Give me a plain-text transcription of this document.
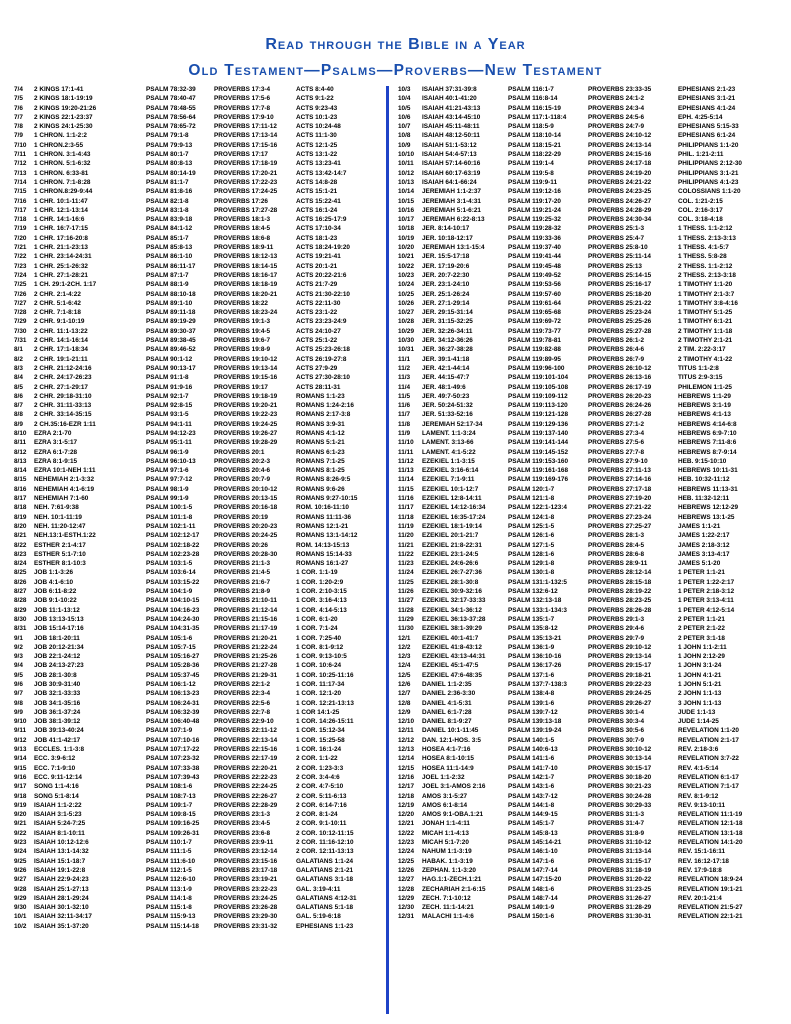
Read through the Bible in a Year
Old Testament—Psalms—Proverbs—New Testament
7/4	2 KINGS 17:1-41	PSALM 78:32-39	PROVERBS 17:3-4	ACTS 8:4-40
7/5	2 KINGS 18:1-19:19	PSALM 78:40-47	PROVERBS 17:5-6	ACTS 9:1-22
7/6	2 KINGS 19:20-21:26	PSALM 78:48-55	PROVERBS 17:7-8	ACTS 9:23-43
7/7	2 KINGS 22:1-23:37	PSALM 78:56-64	PROVERBS 17:9-10	ACTS 10:1-23
7/8	2 KINGS 24:1-25:30	PSALM 78:65-72	PROVERBS 17:11-12	ACTS 10:24-48
7/9	1 CHRON. 1:1-2:2	PSALM 79:1-8	PROVERBS 17:13-14	ACTS 11:1-30
7/10	1 CHRON.2:3-55	PSALM 79:9-13	PROVERBS 17:15-16	ACTS 12:1-25
7/11	1 CHRON. 3:1-4:43	PSALM 80:1-7	PROVERBS 17:17	ACTS 13:1-22
7/12	1 CHRON. 5:1-6:32	PSALM 80:8-13	PROVERBS 17:18-19	ACTS 13:23-41
7/13	1 CHRON. 6:33-81	PSALM 80:14-19	PROVERBS 17:20-21	ACTS 13:42-14:7
7/14	1 CHRON. 7:1-8:28	PSALM 81:1-7	PROVERBS 17:22-23	ACTS 14:8-28
7/15	1 CHRON.8:29-9:44	PSALM 81:8-16	PROVERBS 17:24-25	ACTS 15:1-21
7/16	1 CHR. 10:1-11:47	PSALM 82:1-8	PROVERBS 17:26	ACTS 15:22-41
7/17	1 CHR. 12:1-13:14	PSALM 83:1-8	PROVERBS 17:27-28	ACTS 16:1-24
7/18	1 CHR. 14:1-16:6	PSALM 83:9-18	PROVERBS 18:1-3	ACTS 16:25-17:9
7/19	1 CHR. 16:7-17:15	PSALM 84:1-12	PROVERBS 18:4-5	ACTS 17:10-34
7/20	1 CHR. 17:16-20:8	PSALM 85:1-7	PROVERBS 18:6-8	ACTS 18:1-23
7/21	1 CHR. 21:1-23:13	PSALM 85:8-13	PROVERBS 18:9-11	ACTS 18:24-19:20
7/22	1 CHR. 23:14-24:31	PSALM 86:1-10	PROVERBS 18:12-13	ACTS 19:21-41
7/23	1 CHR. 25:1-26:32	PSALM 86:11-17	PROVERBS 18:14-15	ACTS 20:1-21
7/24	1 CHR. 27:1-28:21	PSALM 87:1-7	PROVERBS 18:16-17	ACTS 20:22-21:6
7/25	1 CH. 29:1-2CH. 1:17	PSALM 88:1-9	PROVERBS 18:18-19	ACTS 21:7-29
7/26	2 CHR. 2:1-4:22	PSALM 88:10-18	PROVERBS 18:20-21	ACTS 21:30-22:10
7/27	2 CHR. 5:1-6:42	PSALM 89:1-10	PROVERBS 18:22	ACTS 22:11-30
7/28	2 CHR. 7:1-8:18	PSALM 89:11-18	PROVERBS 18:23-24	ACTS 23:1-22
7/29	2 CHR. 9:1-10:19	PSALM 89:19-29	PROVERBS 19:1-3	ACTS 23:23-24:9
7/30	2 CHR. 11:1-13:22	PSALM 89:30-37	PROVERBS 19:4-5	ACTS 24:10-27
7/31	2 CHR. 14:1-16:14	PSALM 89:38-45	PROVERBS 19:6-7	ACTS 25:1-22
8/1	2 CHR. 17:1-18:34	PSALM 89:46-52	PROVERBS 19:8-9	ACTS 25:23-26:18
8/2	2 CHR. 19:1-21:11	PSALM 90:1-12	PROVERBS 19:10-12	ACTS 26:19-27:8
8/3	2 CHR. 21:12-24:16	PSALM 90:13-17	PROVERBS 19:13-14	ACTS 27:9-29
8/4	2 CHR. 24:17-26:23	PSALM 91:1-8	PROVERBS 19:15-16	ACTS 27:30-28:10
8/5	2 CHR. 27:1-29:17	PSALM 91:9-16	PROVERBS 19:17	ACTS 28:11-31
8/6	2 CHR. 29:18-31:10	PSALM 92:1-7	PROVERBS 19:18-19	ROMANS 1:1-23
8/7	2 CHR. 31:11-33:13	PSALM 92:8-15	PROVERBS 19:20-21	ROMANS 1:24-2:16
8/8	2 CHR. 33:14-35:15	PSALM 93:1-5	PROVERBS 19:22-23	ROMANS 2:17-3:8
8/9	2 CH.35:16-EZR 1:11	PSALM 94:1-11	PROVERBS 19:24-25	ROMANS 3:9-31
8/10	EZRA 2:1-70	PSALM 94:12-23	PROVERBS 19:26-27	ROMANS 4:1-12
8/11	EZRA 3:1-5:17	PSALM 95:1-11	PROVERBS 19:28-29	ROMANS 5:1-21
8/12	EZRA 6:1-7:28	PSALM 96:1-9	PROVERBS 20:1	ROMANS 6:1-23
8/13	EZRA 8:1-9:15	PSALM 96:10-13	PROVERBS 20:2-3	ROMANS 7:1-25
8/14	EZRA 10:1-NEH 1:11	PSALM 97:1-6	PROVERBS 20:4-6	ROMANS 8:1-25
8/15	NEHEMIAH 2:1-3:32	PSALM 97:7-12	PROVERBS 20:7-9	ROMANS 8:26-9:5
8/16	NEHEMIAH 4:1-6:19	PSALM 98:1-9	PROVERBS 20:10-12	ROMANS 9:6-26
8/17	NEHEMIAH 7:1-60	PSALM 99:1-9	PROVERBS 20:13-15	ROMANS 9:27-10:15
8/18	NEH. 7:61-9:38	PSALM 100:1-5	PROVERBS 20:16-18	ROM. 10:16-11:10
8/19	NEH. 10:1-11:19	PSALM 101:1-8	PROVERBS 20:19	ROMANS 11:11-36
8/20	NEH. 11:20-12:47	PSALM 102:1-11	PROVERBS 20:20-23	ROMANS 12:1-21
8/21	NEH.13:1-ESTH.1:22	PSALM 102:12-17	PROVERBS 20:24-25	ROMANS 13:1-14:12
8/22	ESTHER 2:1-4:17	PSALM 102:18-22	PROVERBS 20:26	ROM. 14:13-15:13
8/23	ESTHER 5:1-7:10	PSALM 102:23-28	PROVERBS 20:28-30	ROMANS 15:14-33
8/24	ESTHER 8:1-10:3	PSALM 103:1-5	PROVERBS 21:1-3	ROMANS 16:1-27
8/25	JOB 1:1-3:26	PSALM 103:6-14	PROVERBS 21:4-5	1 COR. 1:1-19
8/26	JOB 4:1-6:10	PSALM 103:15-22	PROVERBS 21:6-7	1 COR. 1:20-2:9
8/27	JOB 6:11-8:22	PSALM 104:1-9	PROVERBS 21:8-9	1 COR. 2:10-3:15
8/28	JOB 9:1-10:22	PSALM 104:10-15	PROVERBS 21:10-11	1 COR. 3:16-4:13
8/29	JOB 11:1-13:12	PSALM 104:16-23	PROVERBS 21:12-14	1 COR. 4:14-5:13
8/30	JOB 13:13-15:13	PSALM 104:24-30	PROVERBS 21:15-16	1 COR. 6:1-20
8/31	JOB 15:14-17:16	PSALM 104:31-35	PROVERBS 21:17-19	1 COR. 7:1-24
9/1	JOB 18:1-20:11	PSALM 105:1-6	PROVERBS 21:20-21	1 COR. 7:25-40
9/2	JOB 20:12-21:34	PSALM 105:7-15	PROVERBS 21:22-24	1 COR. 8:1-9:12
9/3	JOB 22:1-24:12	PSALM 105:16-27	PROVERBS 21:25-26	1 COR. 9:13-10:5
9/4	JOB 24:13-27:23	PSALM 105:28-36	PROVERBS 21:27-28	1 COR. 10:6-24
9/5	JOB 28:1-30:8	PSALM 105:37-45	PROVERBS 21:29-31	1 COR. 10:25-11:16
9/6	JOB 30:9-31:40	PSALM 106:1-12	PROVERBS 22:1-2	1 COR. 11:17-34
9/7	JOB 32:1-33:33	PSALM 106:13-23	PROVERBS 22:3-4	1 COR. 12:1-20
9/8	JOB 34:1-35:16	PSALM 106:24-31	PROVERBS 22:5-6	1 COR. 12:21-13:13
9/9	JOB 36:1-37:24	PSALM 106:32-39	PROVERBS 22:7-8	1 COR 14:1-25
9/10	JOB 38:1-39:12	PSALM 106:40-48	PROVERBS 22:9-10	1 COR. 14:26-15:11
9/11	JOB 39:13-40:24	PSALM 107:1-9	PROVERBS 22:11-12	1 COR. 15:12-34
9/12	JOB 41:1-42:17	PSALM 107:10-16	PROVERBS 22:13-14	1 COR. 15:25-58
9/13	ECCLES. 1:1-3:8	PSALM 107:17-22	PROVERBS 22:15-16	1 COR. 16:1-24
9/14	ECC. 3:9-6:12	PSALM 107:23-32	PROVERBS 22:17-19	2 COR. 1:1-22
9/15	ECC. 7:1-9:10	PSALM 107:33-38	PROVERBS 22:20-21	2 COR. 1:23-3:3
9/16	ECC. 9:11-12:14	PSALM 107:39-43	PROVERBS 22:22-23	2 COR. 3:4-4:6
9/17	SONG 1:1-4:16	PSALM 108:1-6	PROVERBS 22:24-25	2 COR. 4:7-5:10
9/18	SONG 5:1-8:14	PSALM 108:7-13	PROVERBS 22:26-27	2 COR. 5:11-6:13
9/19	ISAIAH 1:1-2:22	PSALM 109:1-7	PROVERBS 22:28-29	2 COR. 6:14-7:16
9/20	ISAIAH 3:1-5:23	PSALM 109:8-15	PROVERBS 23:1-3	2 COR. 8:1-24
9/21	ISAIAH 5:24-7:25	PSALM 109:16-25	PROVERBS 23:4-5	2 COR. 9:1-10:11
9/22	ISAIAH 8:1-10:11	PSALM 109:26-31	PROVERBS 23:6-8	2 COR. 10:12-11:15
9/23	ISAIAH 10:12-12:6	PSALM 110:1-7	PROVERBS 23:9-11	2 COR. 11:16-12:10
9/24	ISAIAH 13:1-14:32	PSALM 111:1-5	PROVERBS 23:12-14	2 COR. 12:11-13:13
9/25	ISAIAH 15:1-18:7	PSALM 111:6-10	PROVERBS 23:15-16	GALATIANS 1:1-24
9/26	ISAIAH 19:1-22:8	PSALM 112:1-5	PROVERBS 23:17-18	GALATIANS 2:1-21
9/27	ISAIAH 22:9-24:23	PSALM 112:6-10	PROVERBS 23:19-21	GALATIANS 3:1-18
9/28	ISAIAH 25:1-27:13	PSALM 113:1-9	PROVERBS 23:22-23	GAL. 3:19-4:11
9/29	ISAIAH 28:1-29:24	PSALM 114:1-8	PROVERBS 23:24-25	GALATIANS 4:12-31
9/30	ISAIAH 30:1-32:10	PSALM 115:1-8	PROVERBS 23:26-28	GALATIANS 5:1-18
10/1	ISAIAH 32:11-34:17	PSALM 115:9-13	PROVERBS 23:29-30	GAL. 5:19-6:18
10/2	ISAIAH 35:1-37:20	PSALM 115:14-18	PROVERBS 23:31-32	EPHESIANS 1:1-23
10/3	ISAIAH 37:31-39:8	PSALM 116:1-7	PROVERBS 23:33-35	EPHESIANS 2:1-23
10/4	ISAIAH 40:1-41:20	PSALM 116:8-14	PROVERBS 24:1-2	EPHESIANS 3:1-21
10/5	ISAIAH 41:21-43:13	PSALM 116:15-19	PROVERBS 24:3-4	EPHESIANS 4:1-24
10/6	ISAIAH 43:14-45:10	PSALM 117:1-118:4	PROVERBS 24:5-6	EPH. 4:25-5:14
10/7	ISAIAH 45:11-48:11	PSALM 118:5-9	PROVERBS 24:7-9	EPHESIANS 5:15-33
10/8	ISAIAH 48:12-50:11	PSALM 118:10-14	PROVERBS 24:10-12	EPHESIANS 6:1-24
10/9	ISAIAH 51:1-53:12	PSALM 118:15-21	PROVERBS 24:13-14	PHILIPPIANS 1:1-20
10/10	ISAIAH 54:4-57:13	PSALM 118:22-29	PROVERBS 24:15-16	PHIL. 1:21-2:11
10/11	ISAIAH 57:14-60:16	PSALM 119:1-4	PROVERBS 24:17-18	PHILIPPIANS 2:12-30
10/12	ISAIAH 60:17-63:19	PSALM 119:5-8	PROVERBS 24:19-20	PHILIPPIANS 3:1-21
10/13	ISAIAH 64:1-66:24	PSALM 119:9-11	PROVERBS 24:21-22	PHILIPPIANS 4:1-23
10/14	JEREMIAH 1:1-2:37	PSALM 119:12-16	PROVERBS 24:23-25	COLOSSIANS 1:1-20
10/15	JEREMIAH 3:1-4:31	PSALM 119:17-20	PROVERBS 24:26-27	COL. 1:21-2:15
10/16	JEREMIAH 5:1-6:21	PSALM 119:21-24	PROVERBS 24:28-29	COL. 2:16-3:17
10/17	JEREMIAH 6:22-8:13	PSALM 119:25-32	PROVERBS 24:30-34	COL. 3:18-4:18
10/18	JER. 8:14-10:17	PSALM 119:28-32	PROVERBS 25:1-3	1 THESS. 1:1-2:12
10/19	JER. 10:18-12:17	PSALM 119:33-36	PROVERBS 25:4-7	1 THESS. 2:13-3:13
10/20	JEREMIAH 13:1-15:4	PSALM 119:37-40	PROVERBS 25:8-10	1 THESS. 4:1-5:7
10/21	JER. 15:5-17:18	PSALM 119:41-44	PROVERBS 25:11-14	1 THESS. 5:8-28
10/22	JER. 17:19-20:6	PSALM 119:45-48	PROVERBS 25:13	2 THESS. 1:1-2:12
10/23	JER. 20:7-22:30	PSALM 119:49-52	PROVERBS 25:14-15	2 THESS. 2:13-3:18
10/24	JER. 23:1-24:10	PSALM 119:53-56	PROVERBS 25:16-17	1 TIMOTHY 1:1-20
10/25	JER. 25:1-26:24	PSALM 119:57-60	PROVERBS 25:18-20	1 TIMOTHY 2:1-3:7
10/26	JER. 27:1-29:14	PSALM 119:61-64	PROVERBS 25:21-22	1 TIMOTHY 3:8-4:16
10/27	JER. 29:15-31:14	PSALM 119:65-68	PROVERBS 25:23-24	1 TIMOTHY 5:1-25
10/28	JER. 31:15-32:25	PSALM 119:69-72	PROVERBS 25:25-26	1 TIMOTHY 6:1-21
10/29	JER. 32:26-34:11	PSALM 119:73-77	PROVERBS 25:27-28	2 TIMOTHY 1:1-18
10/30	JER. 34:12-36:26	PSALM 119:78-81	PROVERBS 26:1-2	2 TIMOTHY 2:1-21
10/31	JER. 36:27-38:28	PSALM 119:82-88	PROVERBS 26:4-6	2 TIM. 2:22-3:17
11/1	JER. 39:1-41:18	PSALM 119:89-95	PROVERBS 26:7-9	2 TIMOTHY 4:1-22
11/2	JER. 42:1-44:14	PSALM 119:96-100	PROVERBS 26:10-12	TITUS 1:1-2:8
11/3	JER. 44:15-47:7	PSALM 119:101-104	PROVERBS 26:13-16	TITUS 2:9-3:15
11/4	JER. 48:1-49:6	PSALM 119:105-108	PROVERBS 26:17-19	PHILEMON 1:1-25
11/5	JER. 49:7-50:23	PSALM 119:109-112	PROVERBS 26:20-23	HEBREWS 1:1-29
11/6	JER. 50:24-51:32	PSALM 119:113-120	PROVERBS 26:24-26	HEBREWS 3:1-19
11/7	JER. 51:33-52:16	PSALM 119:121-128	PROVERBS 26:27-28	HEBREWS 4:1-13
11/8	JEREMIAH 52:17-34	PSALM 119:129-136	PROVERBS 27:1-2	HEBREWS 4:14-6:8
11/9	LAMENT. 1:1-3:24	PSALM 119:137-140	PROVERBS 27:3-4	HEBREWS 6:9-7:10
11/10	LAMENT. 3:13-66	PSALM 119:141-144	PROVERBS 27:5-6	HEBREWS 7:11-8:6
11/11	LAMENT. 4:1-5:22	PSALM 119:145-152	PROVERBS 27:7-8	HEBREWS 8:7-9:14
11/12	EZEKIEL 1:1-3:15	PSALM 119:153-160	PROVERBS 27:9-10	HEB. 9:15-10:10
11/13	EZEKIEL 3:16-6:14	PSALM 119:161-168	PROVERBS 27:11-13	HEBREWS 10:11-31
11/14	EZEKIEL 7:1-9:11	PSALM 119:169-176	PROVERBS 27:14-16	HEB. 10:32-11:12
11/15	EZEKIEL 10:1-12:7	PSALM 120:1-7	PROVERBS 27:17-18	HEBREWS 11:13-31
11/16	EZEKIEL 12:8-14:11	PSALM 121:1-8	PROVERBS 27:19-20	HEB. 11:32-12:11
11/17	EZEKIEL 14:12-16:34	PSALM 122:1-123:4	PROVERBS 27:21-22	HEBREWS 12:12-29
11/18	EZEKIEL 16:35-17:24	PSALM 124:1-8	PROVERBS 27:23-24	HEBREWS 13:1-25
11/19	EZEKIEL 18:1-19:14	PSALM 125:1-5	PROVERBS 27:25-27	JAMES 1:1-21
11/20	EZEKIEL 20:1-21:7	PSALM 126:1-6	PROVERBS 28:1-3	JAMES 1:22-2:17
11/21	EZEKIEL 21:8-22:31	PSALM 127:1-5	PROVERBS 28:4-5	JAMES 2:18-3:12
11/22	EZEKIEL 23:1-24:5	PSALM 128:1-6	PROVERBS 28:6-8	JAMES 3:13-4:17
11/23	EZEKIEL 24:6-26:6	PSALM 129:1-8	PROVERBS 28:9-11	JAMES 5:1-20
11/24	EZEKIEL 26:7-27:36	PSALM 130:1-8	PROVERBS 28:12-14	1 PETER 1:1-21
11/25	EZEKIEL 28:1-30:8	PSALM 131:1-132:5	PROVERBS 28:15-18	1 PETER 1:22-2:17
11/26	EZEKIEL 30:9-32:16	PSALM 132:6-12	PROVERBS 28:19-22	1 PETER 2:18-3:12
11/27	EZEKIEL 32:17-33:33	PSALM 132:13-18	PROVERBS 28:23-25	1 PETER 3:13-4:11
11/28	EZEKIEL 34:1-36:12	PSALM 133:1-134:3	PROVERBS 28:26-28	1 PETER 4:12-5:14
11/29	EZEKIEL 36:13-37:28	PSALM 135:1-7	PROVERBS 29:1-3	2 PETER 1:1-21
11/30	EZEKIEL 38:1-39:29	PSALM 135:8-12	PROVERBS 29:4-6	2 PETER 2:1-22
12/1	EZEKIEL 40:1-41:7	PSALM 135:13-21	PROVERBS 29:7-9	2 PETER 3:1-18
12/2	EZEKIEL 41:8-43:12	PSALM 136:1-9	PROVERBS 29:10-12	1 JOHN 1:1-2:11
12/3	EZEKIEL 43:13-44:31	PSALM 136:10-16	PROVERBS 29:13-14	1 JOHN 2:12-29
12/4	EZEKIEL 45:1-47:5	PSALM 136:17-26	PROVERBS 29:15-17	1 JOHN 3:1-24
12/5	EZEKIEL 47:6-48:35	PSALM 137:1-6	PROVERBS 29:18-21	1 JOHN 4:1-21
12/6	DANIEL 1:1-2:35	PSALM 137:7-138:3	PROVERBS 29:22-23	1 JOHN 5:1-21
12/7	DANIEL 2:36-3:30	PSALM 138:4-8	PROVERBS 29:24-25	2 JOHN 1:1-13
12/8	DANIEL 4:1-5:31	PSALM 139:1-6	PROVERBS 29:26-27	3 JOHN 1:1-13
12/9	DANIEL 6:1-7:28	PSALM 139:7-12	PROVERBS 30:1-4	JUDE 1:1-13
12/10	DANIEL 8:1-9:27	PSALM 139:13-18	PROVERBS 30:3-4	JUDE 1:14-25
12/11	DANIEL 10:1-11:45	PSALM 139:19-24	PROVERBS 30:5-6	REVELATION 1:1-20
12/12	DAN. 12:1-HOS. 3:5	PSALM 140:1-5	PROVERBS 30:7-9	REVELATION 2:1-17
12/13	HOSEA 4:1-7:16	PSALM 140:6-13	PROVERBS 30:10-12	REV. 2:18-3:6
12/14	HOSEA 8:1-10:15	PSALM 141:1-6	PROVERBS 30:13-14	REVELATION 3:7-22
12/15	HOSEA 11:1-14:9	PSALM 141:7-10	PROVERBS 30:15-17	REV. 4:1-5:14
12/16	JOEL 1:1-2:32	PSALM 142:1-7	PROVERBS 30:18-20	REVELATION 6:1-17
12/17	JOEL 3:1-AMOS 2:16	PSALM 143:1-6	PROVERBS 30:21-23	REVELATION 7:1-17
12/18	AMOS 3:1-5:27	PSALM 143:7-12	PROVERBS 30:24-28	REV. 8:1-9:12
12/19	AMOS 6:1-8:14	PSALM 144:1-8	PROVERBS 30:29-33	REV. 9:13-10:11
12/20	AMOS 9:1-OBA.1:21	PSALM 144:9-15	PROVERBS 31:1-3	REVELATION 11:1-19
12/21	JONAH 1:1-4:11	PSALM 145:1-7	PROVERBS 31:4-7	REVELATION 12:1-18
12/22	MICAH 1:1-4:13	PSALM 145:8-13	PROVERBS 31:8-9	REVELATION 13:1-18
12/23	MICAH 5:1-7:20	PSALM 145:14-21	PROVERBS 31:10-12	REVELATION 14:1-20
12/24	NAHUM 1:1-3:19	PSALM 146:1-10	PROVERBS 31:13-14	REV. 15:1-16:11
12/25	HABAK. 1:1-3:19	PSALM 147:1-6	PROVERBS 31:15-17	REV. 16:12-17:18
12/26	ZEPHAN. 1:1-3:20	PSALM 147:7-14	PROVERBS 31:18-19	REV. 17:9-18:8
12/27	HAG.1:1-ZECH.1:21	PSALM 147:15-20	PROVERBS 31:20-22	REVELATION 18:9-24
12/28	ZECHARIAH 2:1-6:15	PSALM 148:1-6	PROVERBS 31:23-25	REVELATION 19:1-21
12/29	ZECH. 7:1-10:12	PSALM 148:7-14	PROVERBS 31:26-27	REV. 20:1-21:4
12/30	ZECH. 11:1-14:21	PSALM 149:1-9	PROVERBS 31:28-29	REVELATION 21:5-27
12/31	MALACHI 1:1-4:6	PSALM 150:1-6	PROVERBS 31:30-31	REVELATION 22:1-21
